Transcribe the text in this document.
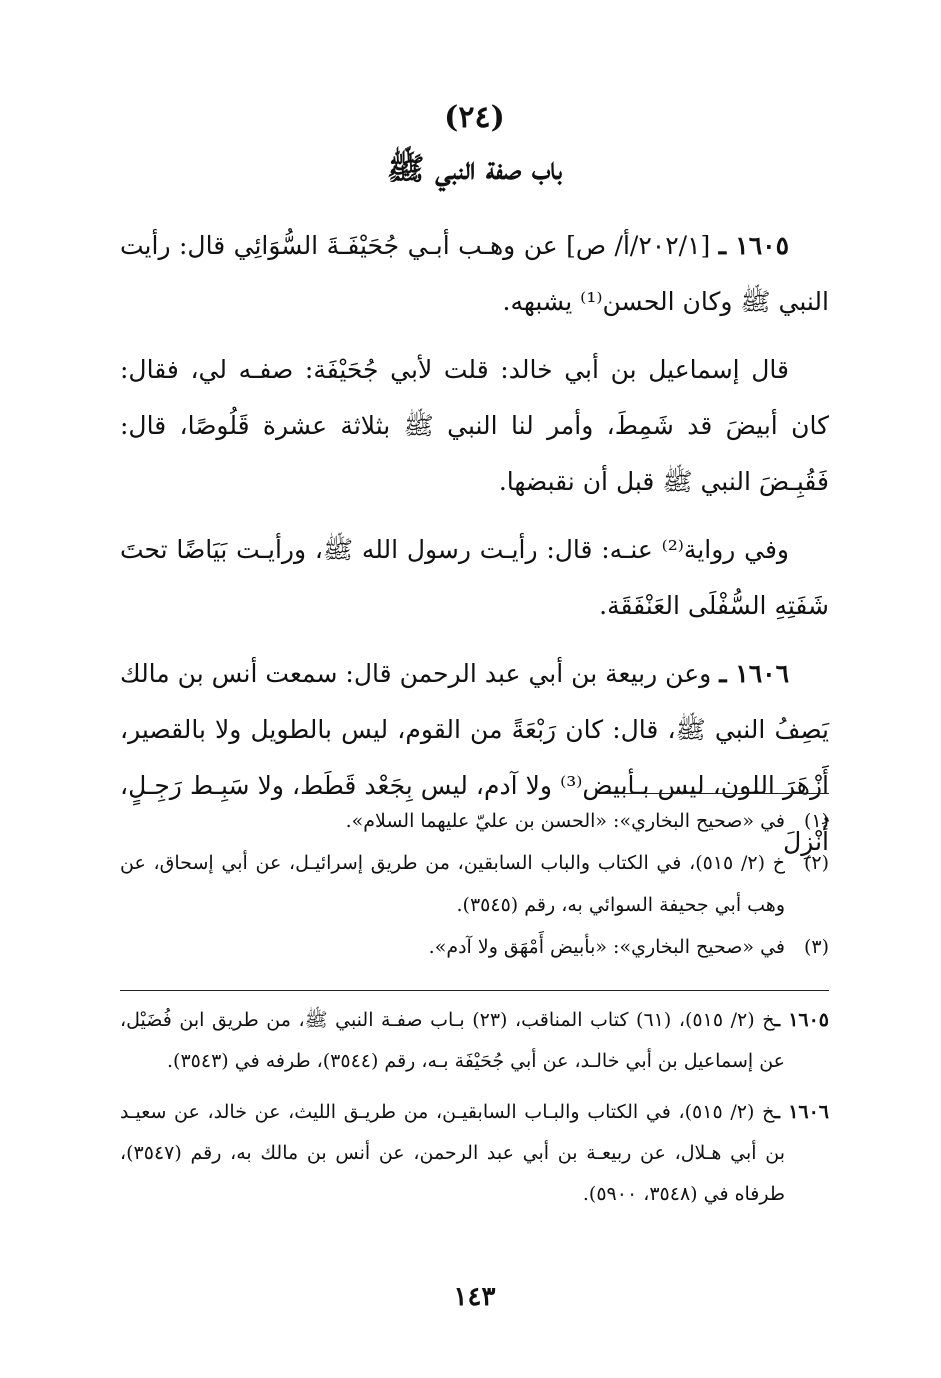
(٢٤)
باب صفة النبي ﷺ

١٦٠٥ ـ [٢٠٢/١/أ/ ص] عن وهـب أبـي جُحَيْفَـةَ السُّوَائِي قال: رأيت النبي ﷺ وكان الحسن⁽¹⁾ يشبهه.

قال إسماعيل بن أبي خالد: قلت لأبي جُحَيْفَة: صفـه لي، فقال: كان أبيضَ قد شَمِطَ، وأمر لنا النبي ﷺ بثلاثة عشرة قَلُوصًا، قال: فَقُبِـضَ النبي ﷺ قبل أن نقبضها.

وفي رواية⁽²⁾ عنـه: قال: رأيـت رسول الله ﷺ، ورأيـت بَيَاضًا تحتَ شَفَتِهِ السُّفْلَى العَنْفَقَة.

١٦٠٦ ـ وعن ربيعة بن أبي عبد الرحمن قال: سمعت أنس بن مالك يَصِفُ النبي ﷺ، قال: كان رَبْعَةً من القوم، ليس بالطويل ولا بالقصير، أَزْهَرَ اللون، ليس بـأبيض⁽³⁾ ولا آدم، ليس بِجَعْد قَطَط، ولا سَبِـط رَجِـلٍ، أُنْزِلَ

(١)
في «صحيح البخاري»: «الحسن بن عليّ عليهما السلام».
(٢)
خ (٢/ ٥١٥)، في الكتاب والباب السابقين، من طريق إسرائيـل، عن أبي إسحاق، عن وهب أبي جحيفة السوائي به، رقم (٣٥٤٥).
(٣)
في «صحيح البخاري»: «بأبيض أَمْهَق ولا آدم».

١٦٠٥ ـخ (٢/ ٥١٥)، (٦١) كتاب المناقب، (٢٣) بـاب صفـة النبي ﷺ، من طريق ابن فُضَيْل، عن إسماعيل بن أبي خالـد، عن أبي جُحَيْفَة بـه، رقم (٣٥٤٤)، طرفه في (٣٥٤٣).

١٦٠٦ ـخ (٢/ ٥١٥)، في الكتاب والبـاب السابقيـن، من طريـق الليث، عن خالد، عن سعيـد بن أبي هـلال، عن ربيعـة بن أبي عبد الرحمن، عن أنس بن مالك به، رقم (٣٥٤٧)، طرفاه في (٣٥٤٨، ٥٩٠٠).

١٤٣
